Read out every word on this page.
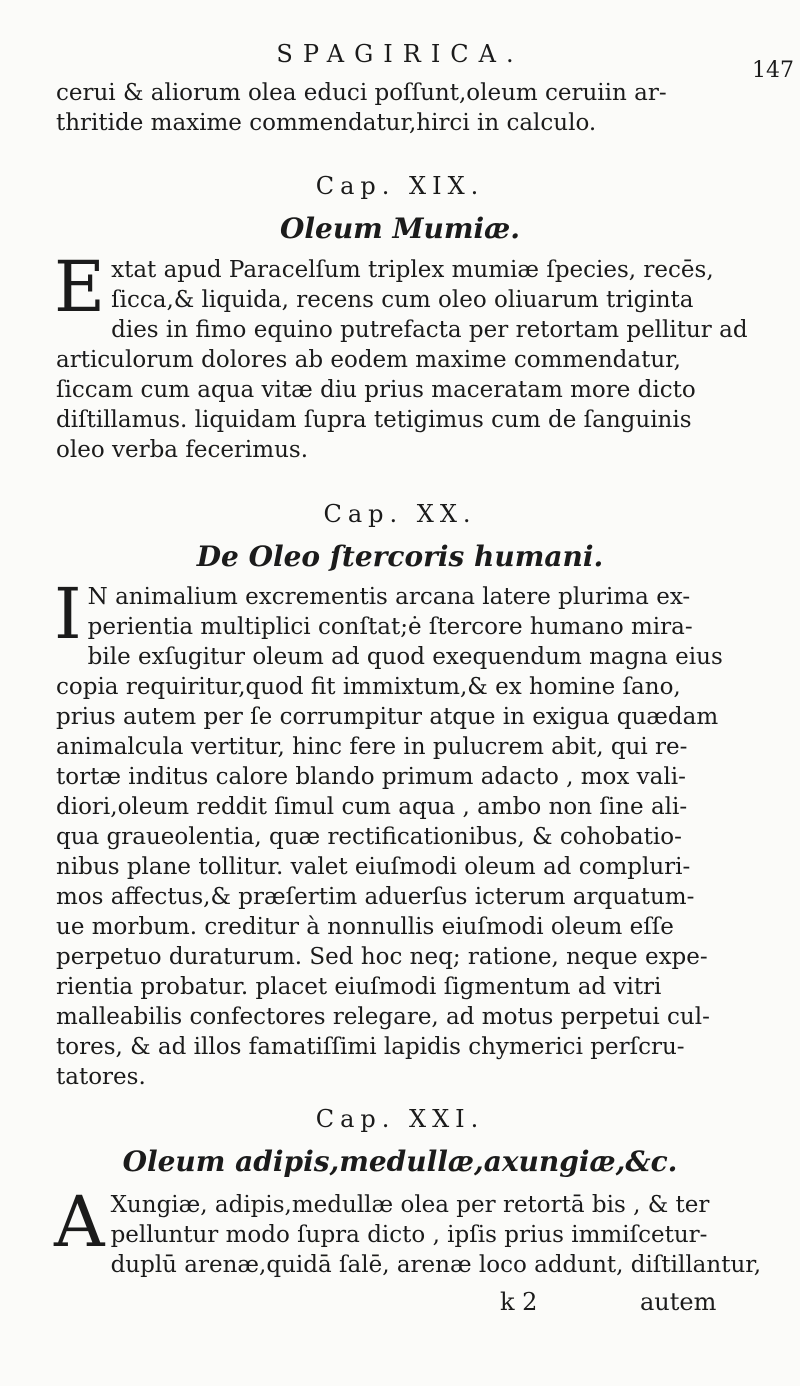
SPAGIRICA.
147
cerui & aliorum olea educi poſſunt,oleum ceruiin ar-
thritide maxime commendatur,hirci in calculo.
Cap. XIX.
Oleum Mumiæ.
E xtat apud Paracelſum triplex mumiæ ſpecies, recēs,
ſicca,& liquida, recens cum oleo oliuarum triginta
dies in fimo equino putrefacta per retortam pellitur ad
articulorum dolores ab eodem maxime commendatur,
ſiccam cum aqua vitæ diu prius maceratam more dicto
diſtillamus. liquidam ſupra tetigimus cum de ſanguinis
oleo verba fecerimus.
Cap. XX.
De Oleo ſtercoris humani.
I N animalium excrementis arcana latere plurima ex-
perientia multiplici conſtat;ė ſtercore humano mira-
bile exſugitur oleum ad quod exequendum magna eius
copia requiritur,quod fit immixtum,& ex homine ſano,
prius autem per ſe corrumpitur atque in exigua quædam
animalcula vertitur, hinc fere in pulucrem abit, qui re-
tortæ inditus calore blando primum adacto , mox vali-
diori,oleum reddit ſimul cum aqua , ambo non ſine ali-
qua graueolentia, quæ rectificationibus, & cohobatio-
nibus plane tollitur. valet eiuſmodi oleum ad compluri-
mos affectus,& præſertim aduerſus icterum arquatum-
ue morbum. creditur à nonnullis eiuſmodi oleum eſſe
perpetuo duraturum. Sed hoc neq; ratione, neque expe-
rientia probatur. placet eiuſmodi ſigmentum ad vitri
malleabilis confectores relegare, ad motus perpetui cul-
tores, & ad illos famatiſſimi lapidis chymerici perſcru-
tatores.
Cap. XXI.
Oleum adipis,medullæ,axungiæ,&c.
A Xungiæ, adipis,medullæ olea per retortā bis , & ter
pelluntur modo ſupra dicto , ipſis prius immiſcetur-
duplū arenæ,quidā ſalē, arenæ loco addunt, diſtillantur,
k 2	autem
